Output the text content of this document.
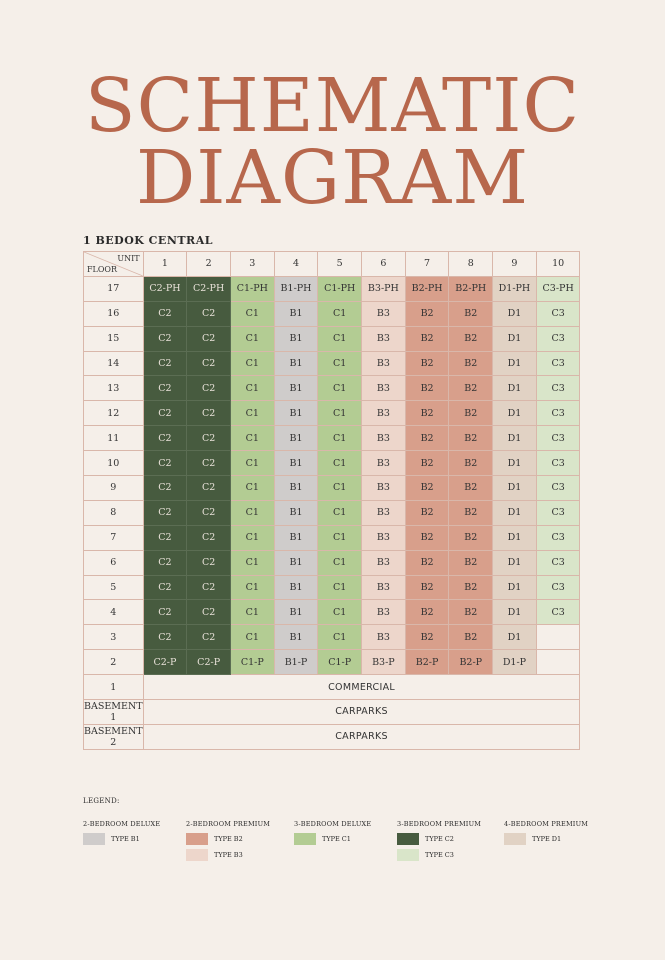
SCHEMATIC
DIAGRAM
1 BEDOK CENTRAL
UNIT
FLOOR	1	2	3	4	5	6	7	8	9	10
17	C2-PH	C2-PH	C1-PH	B1-PH	C1-PH	B3-PH	B2-PH	B2-PH	D1-PH	C3-PH
16	C2	C2	C1	B1	C1	B3	B2	B2	D1	C3
15	C2	C2	C1	B1	C1	B3	B2	B2	D1	C3
14	C2	C2	C1	B1	C1	B3	B2	B2	D1	C3
13	C2	C2	C1	B1	C1	B3	B2	B2	D1	C3
12	C2	C2	C1	B1	C1	B3	B2	B2	D1	C3
11	C2	C2	C1	B1	C1	B3	B2	B2	D1	C3
10	C2	C2	C1	B1	C1	B3	B2	B2	D1	C3
9	C2	C2	C1	B1	C1	B3	B2	B2	D1	C3
8	C2	C2	C1	B1	C1	B3	B2	B2	D1	C3
7	C2	C2	C1	B1	C1	B3	B2	B2	D1	C3
6	C2	C2	C1	B1	C1	B3	B2	B2	D1	C3
5	C2	C2	C1	B1	C1	B3	B2	B2	D1	C3
4	C2	C2	C1	B1	C1	B3	B2	B2	D1	C3
3	C2	C2	C1	B1	C1	B3	B2	B2	D1	
2	C2-P	C2-P	C1-P	B1-P	C1-P	B3-P	B2-P	B2-P	D1-P	
1	COMMERCIAL									
BASEMENT 1	CARPARKS									
BASEMENT 2	CARPARKS									
LEGEND:
2-BEDROOM DELUXE
TYPE B1
2-BEDROOM PREMIUM
TYPE B2
TYPE B3
3-BEDROOM DELUXE
TYPE C1
3-BEDROOM PREMIUM
TYPE C2
TYPE C3
4-BEDROOM PREMIUM
TYPE D1
